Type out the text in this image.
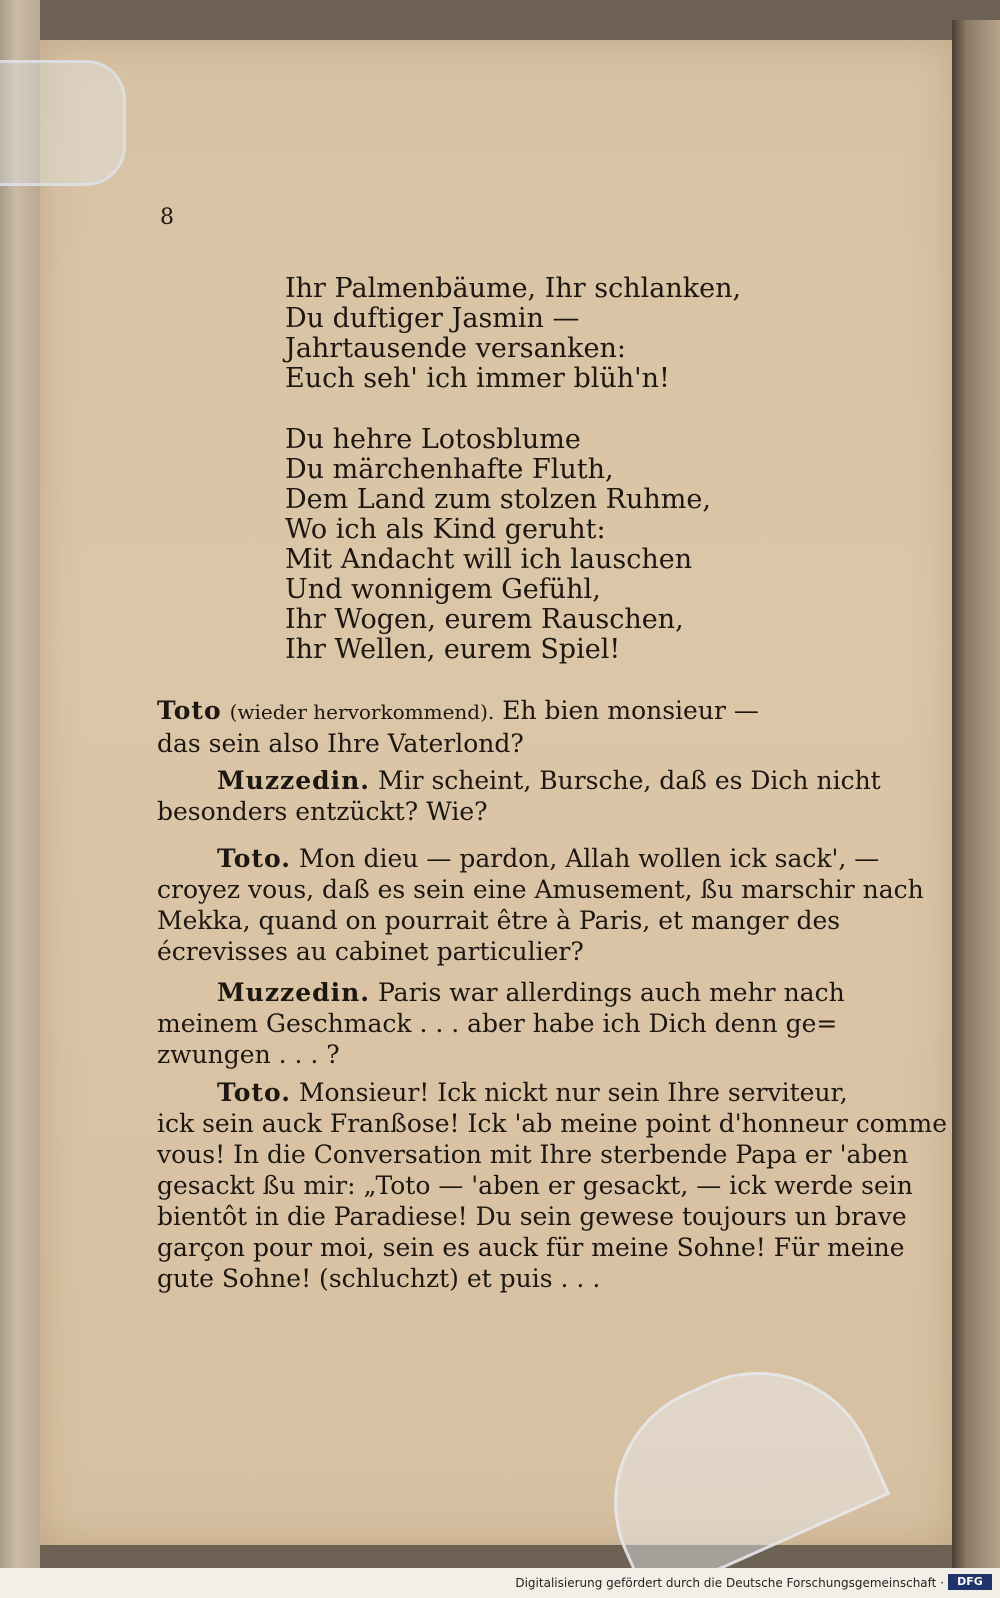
8
Ihr Palmenbäume, Ihr schlanken,
Du duftiger Jasmin —
Jahrtausende versanken:
Euch seh' ich immer blüh'n!
Du hehre Lotosblume
Du märchenhafte Fluth,
Dem Land zum stolzen Ruhme,
Wo ich als Kind geruht:
Mit Andacht will ich lauschen
Und wonnigem Gefühl,
Ihr Wogen, eurem Rauschen,
Ihr Wellen, eurem Spiel!
Toto (wieder hervorkommend). Eh bien monsieur —
das sein also Ihre Vaterlond?
Muzzedin. Mir scheint, Bursche, daß es Dich nicht
besonders entzückt? Wie?
Toto. Mon dieu — pardon, Allah wollen ick sack', —
croyez vous, daß es sein eine Amusement, ßu marschir nach
Mekka, quand on pourrait être à Paris, et manger des
écrevisses au cabinet particulier?
Muzzedin. Paris war allerdings auch mehr nach
meinem Geschmack . . . aber habe ich Dich denn ge=
zwungen . . . ?
Toto. Monsieur! Ick nickt nur sein Ihre serviteur,
ick sein auck Franßose! Ick 'ab meine point d'honneur comme
vous! In die Conversation mit Ihre sterbende Papa er 'aben
gesackt ßu mir: „Toto — 'aben er gesackt, — ick werde sein
bientôt in die Paradiese! Du sein gewese toujours un brave
garçon pour moi, sein es auck für meine Sohne! Für meine
gute Sohne! (schluchzt) et puis . . .
Digitalisierung gefördert durch die Deutsche Forschungsgemeinschaft ·	DFG
